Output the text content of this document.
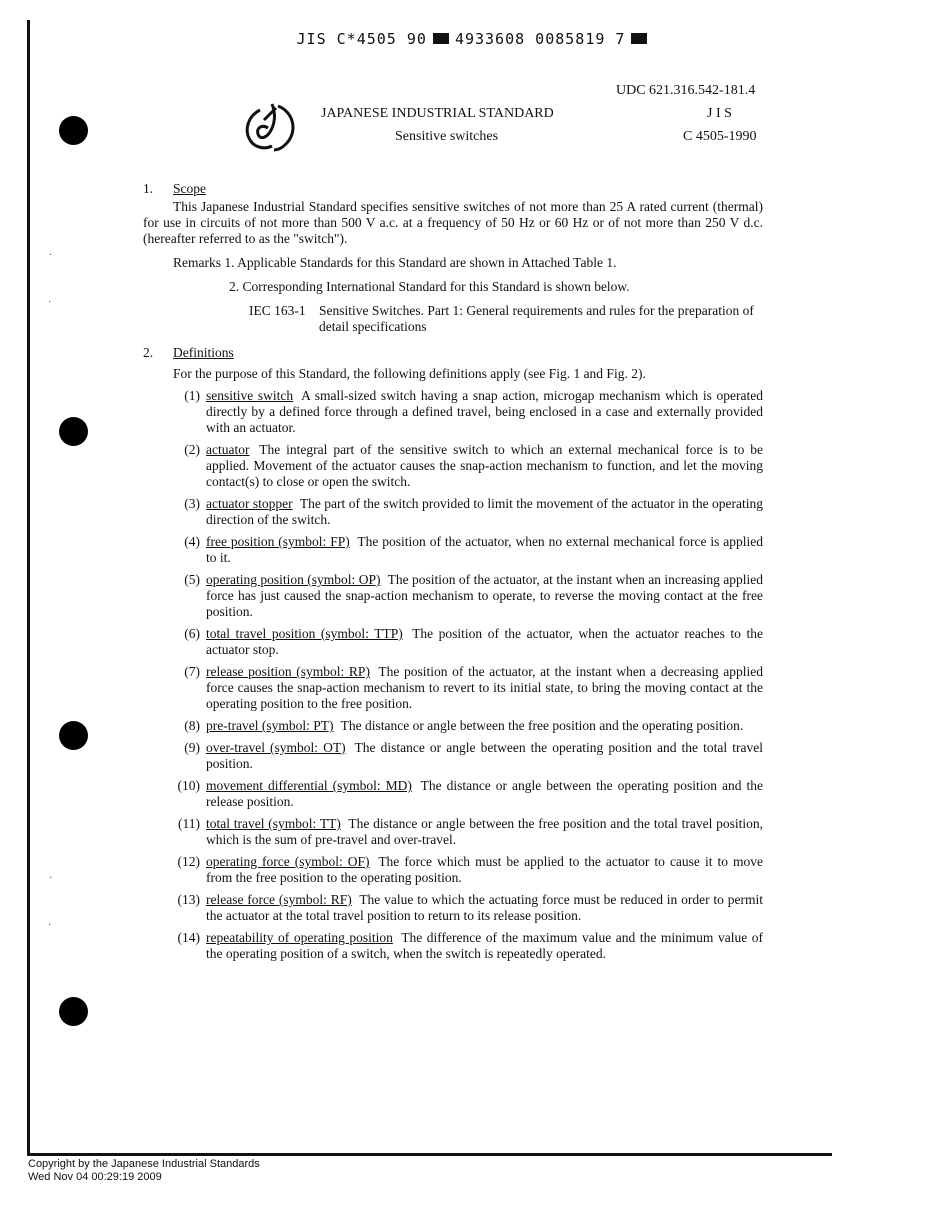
·
·
·
·
JIS C*4505 90 4933608 0085819 7
UDC 621.316.542-181.4
JAPANESE INDUSTRIAL STANDARD	J I S
Sensitive switches	C 4505-1990
1. Scope

This Japanese Industrial Standard specifies sensitive switches of not more than 25 A rated current (thermal) for use in circuits of not more than 500 V a.c. at a frequency of 50 Hz or 60 Hz or of not more than 250 V d.c. (hereafter referred to as the "switch").

Remarks 1. Applicable Standards for this Standard are shown in Attached Table 1.
2. Corresponding International Standard for this Standard is shown below.
IEC 163-1 Sensitive Switches. Part 1: General requirements and rules for the preparation of detail specifications
2. Definitions
For the purpose of this Standard, the following definitions apply (see Fig. 1 and Fig. 2).
(1) sensitive switch A small-sized switch having a snap action, microgap mechanism which is operated directly by a defined force through a defined travel, being enclosed in a case and externally provided with an actuator.
(2) actuator The integral part of the sensitive switch to which an external mechanical force is to be applied. Movement of the actuator causes the snap-action mechanism to function, and let the moving contact(s) to close or open the switch.
(3) actuator stopper The part of the switch provided to limit the movement of the actuator in the operating direction of the switch.
(4) free position (symbol: FP) The position of the actuator, when no external mechanical force is applied to it.
(5) operating position (symbol: OP) The position of the actuator, at the instant when an increasing applied force has just caused the snap-action mechanism to operate, to reverse the moving contact at the free position.
(6) total travel position (symbol: TTP) The position of the actuator, when the actuator reaches to the actuator stop.
(7) release position (symbol: RP) The position of the actuator, at the instant when a decreasing applied force causes the snap-action mechanism to revert to its initial state, to bring the moving contact at the operating position to the free position.
(8) pre-travel (symbol: PT) The distance or angle between the free position and the operating position.
(9) over-travel (symbol: OT) The distance or angle between the operating position and the total travel position.
(10) movement differential (symbol: MD) The distance or angle between the operating position and the release position.
(11) total travel (symbol: TT) The distance or angle between the free position and the total travel position, which is the sum of pre-travel and over-travel.
(12) operating force (symbol: OF) The force which must be applied to the actuator to cause it to move from the free position to the operating position.
(13) release force (symbol: RF) The value to which the actuating force must be reduced in order to permit the actuator at the total travel position to return to its release position.
(14) repeatability of operating position The difference of the maximum value and the minimum value of the operating position of a switch, when the switch is repeatedly operated.
Copyright by the Japanese Industrial Standards
Wed Nov 04 00:29:19 2009
